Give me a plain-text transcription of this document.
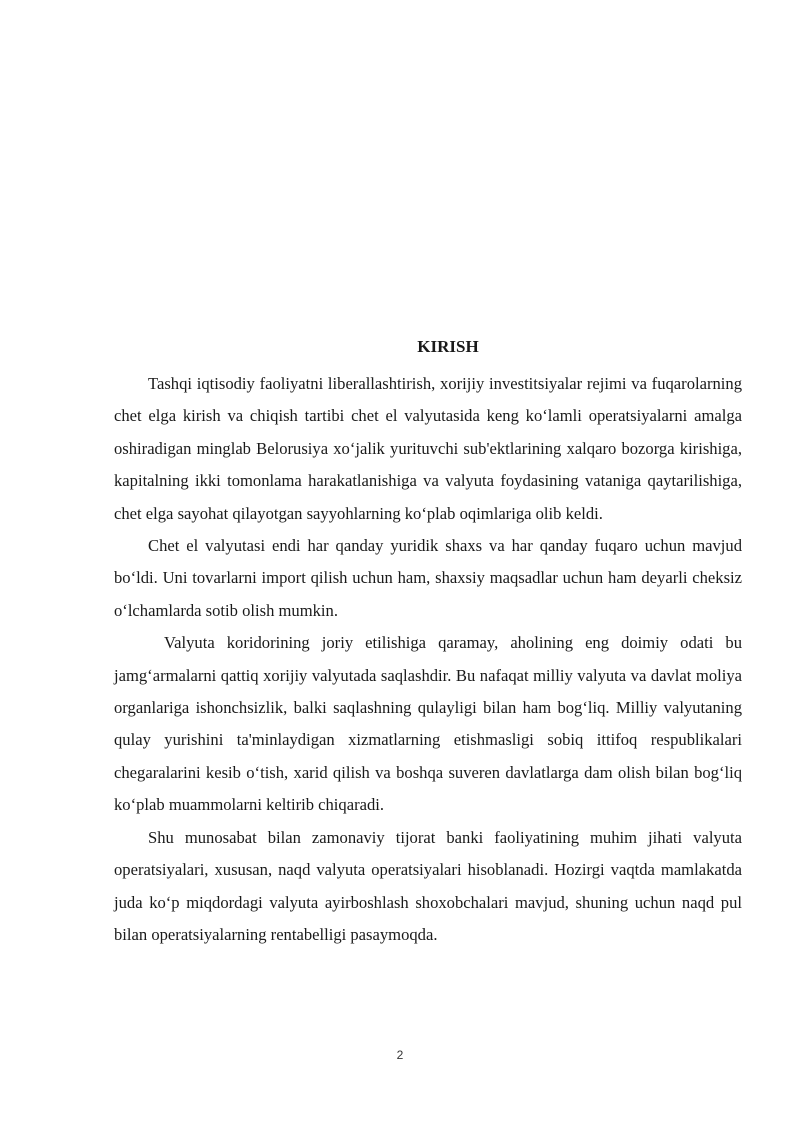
KIRISH

Tashqi iqtisodiy faoliyatni liberallashtirish, xorijiy investitsiyalar rejimi va fuqarolarning chet elga kirish va chiqish tartibi chet el valyutasida keng ko‘lamli operatsiyalarni amalga oshiradigan minglab Belorusiya xo‘jalik yurituvchi sub'ektlarining xalqaro bozorga kirishiga, kapitalning ikki tomonlama harakatlanishiga va valyuta foydasining vataniga qaytarilishiga, chet elga sayohat qilayotgan sayyohlarning ko‘plab oqimlariga olib keldi.

Chet el valyutasi endi har qanday yuridik shaxs va har qanday fuqaro uchun mavjud bo‘ldi. Uni tovarlarni import qilish uchun ham, shaxsiy maqsadlar uchun ham deyarli cheksiz o‘lchamlarda sotib olish mumkin.

Valyuta koridorining joriy etilishiga qaramay, aholining eng doimiy odati bu jamg‘armalarni qattiq xorijiy valyutada saqlashdir. Bu nafaqat milliy valyuta va davlat moliya organlariga ishonchsizlik, balki saqlashning qulayligi bilan ham bog‘liq. Milliy valyutaning qulay yurishini ta'minlaydigan xizmatlarning etishmasligi sobiq ittifoq respublikalari chegaralarini kesib o‘tish, xarid qilish va boshqa suveren davlatlarga dam olish bilan bog‘liq ko‘plab muammolarni keltirib chiqaradi.

Shu munosabat bilan zamonaviy tijorat banki faoliyatining muhim jihati valyuta operatsiyalari, xususan, naqd valyuta operatsiyalari hisoblanadi. Hozirgi vaqtda mamlakatda juda ko‘p miqdordagi valyuta ayirboshlash shoxobchalari mavjud, shuning uchun naqd pul bilan operatsiyalarning rentabelligi pasaymoqda.

2
